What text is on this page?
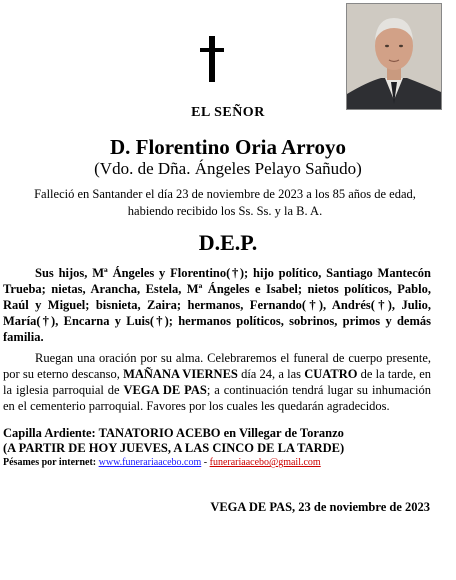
EL SEÑOR
D. Florentino Oria Arroyo
(Vdo. de Dña. Ángeles Pelayo Sañudo)
Falleció en Santander el día 23 de noviembre de 2023 a los 85 años de edad,
habiendo recibido los Ss. Ss. y la B. A.
D.E.P.
Sus hijos, Mª Ángeles y Florentino(†); hijo político, Santiago Mantecón Trueba; nietas, Arancha, Estela, Mª Ángeles e Isabel; nietos políticos, Pablo, Raúl y Miguel; bisnieta, Zaira; hermanos, Fernando(†), Andrés(†), Julio, María(†), Encarna y Luis(†); hermanos políticos, sobrinos, primos y demás familia.
Ruegan una oración por su alma. Celebraremos el funeral de cuerpo presente, por su eterno descanso, MAÑANA VIERNES día 24, a las CUATRO de la tarde, en la iglesia parroquial de VEGA DE PAS; a continuación tendrá lugar su inhumación en el cementerio parroquial. Favores por los cuales les quedarán agradecidos.
Capilla Ardiente: TANATORIO ACEBO en Villegar de Toranzo
(A PARTIR DE HOY JUEVES, A LAS CINCO DE LA TARDE)
Pésames por internet: www.funerariaacebo.com - funerariaacebo@gmail.com
VEGA DE PAS, 23 de noviembre de 2023
